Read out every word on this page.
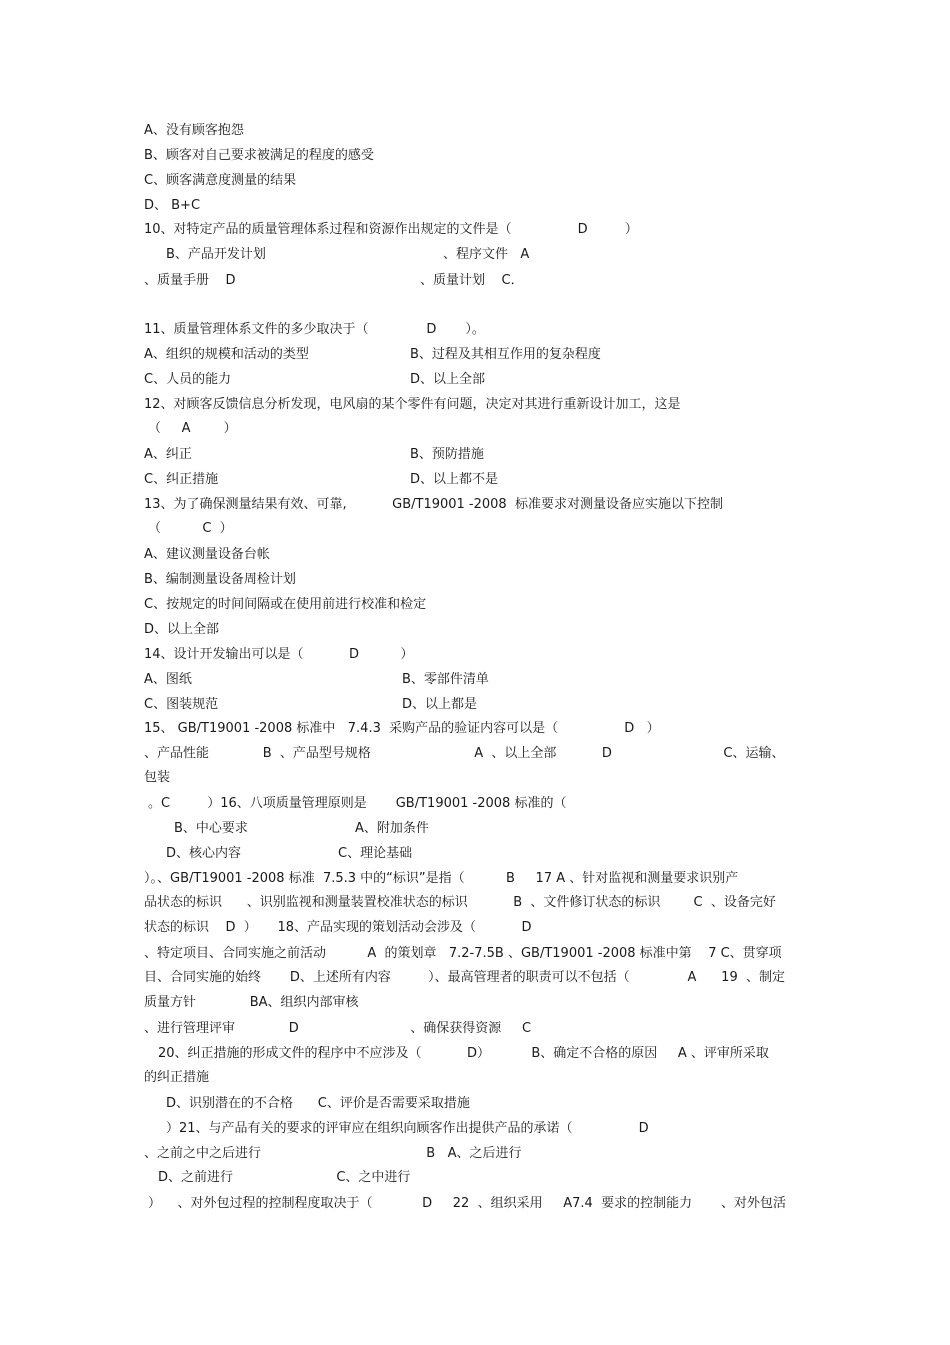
A、没有顾客抱怨
B、顾客对自己要求被满足的程度的感受
C、顾客满意度测量的结果
D、 B+C
10、对特定产品的质量管理体系过程和资源作出规定的文件是（                D         ）
B、产品开发计划	、程序文件   A
、质量手册    D	、质量计划    C．
11、质量管理体系文件的多少取决于（              D       ）。
A、组织的规模和活动的类型	B、过程及其相互作用的复杂程度
C、人员的能力	D、以上全部
12、对顾客反馈信息分析发现，电风扇的某个零件有问题，决定对其进行重新设计加工，这是
（     A        ）
A、纠正	B、预防措施
C、纠正措施	D、以上都不是
13、为了确保测量结果有效、可靠,           GB/T19001 -2008  标准要求对测量设备应实施以下控制
（          C  ）
A、建议测量设备台帐
B、编制测量设备周检计划
C、按规定的时间间隔或在使用前进行校准和检定
D、以上全部
14、设计开发输出可以是（           D          ）
A、图纸	B、零部件清单
C、图装规范	D、以上都是
15、 GB/T19001 -2008 标准中   7.4.3  采购产品的验证内容可以是（                D   ）
、产品性能             B  、产品型号规格                         A  、以上全部           D                           C、运输、
包装
。C         ）16、八项质量管理原则是       GB/T19001 -2008 标准的（
B、中心要求	A、附加条件
D、核心内容	C、理论基础
）。、GB/T19001 -2008 标准  7.5.3 中的“标识”是指（          B     17 A 、针对监视和测量要求识别产
品状态的标识      、识别监视和测量装置校准状态的标识           B  、文件修订状态的标识        C  、设备完好
状态的标识    D  ）     18、产品实现的策划活动会涉及（           D
、特定项目、合同实施之前活动          A  的策划章   7.2-7.5B 、GB/T19001 -2008 标准中第    7 C、贯穿项
目、合同实施的始终       D、上述所有内容         ）、最高管理者的职责可以不包括（              A      19  、制定
质量方针             BA、组织内部审核
、进行管理评审             D                           、确保获得资源     C
20、纠正措施的形成文件的程序中不应涉及（           D）          B、确定不合格的原因     A 、评审所采取
的纠正措施
D、识别潜在的不合格      C、评价是否需要采取措施
）21、与产品有关的要求的评审应在组织向顾客作出提供产品的承诺（                D
、之前之中之后进行                                        B   A、之后进行
D、之前进行                         C、之中进行
）    、对外包过程的控制程度取决于（            D     22  、组织采用     A7.4  要求的控制能力       、对外包活
